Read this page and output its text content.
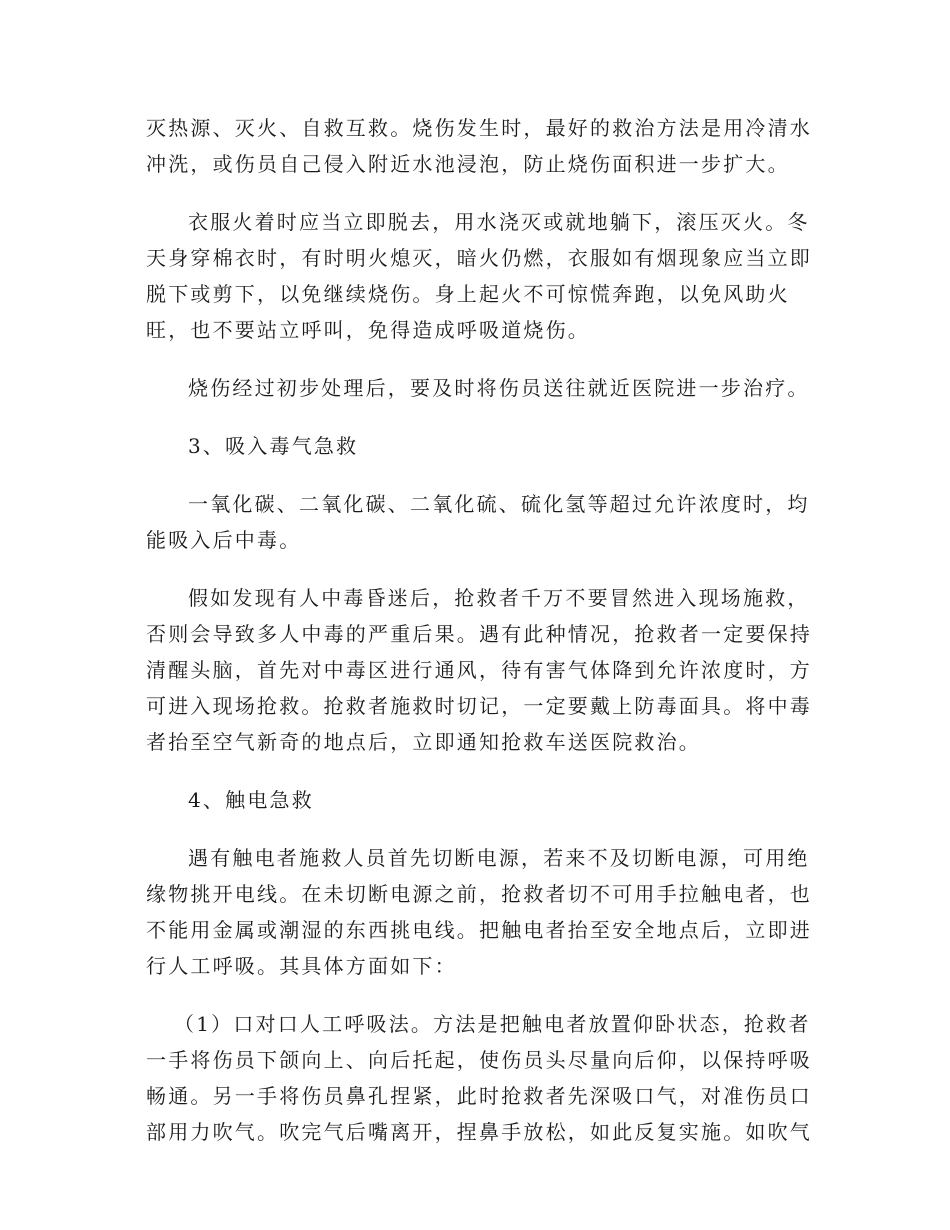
灭热源、灭火、自救互救。烧伤发生时，最好的救治方法是用冷清水
冲洗，或伤员自己侵入附近水池浸泡，防止烧伤面积进一步扩大。
衣服火着时应当立即脱去，用水浇灭或就地躺下，滚压灭火。冬
天身穿棉衣时，有时明火熄灭，暗火仍燃，衣服如有烟现象应当立即
脱下或剪下，以免继续烧伤。身上起火不可惊慌奔跑，以免风助火
旺，也不要站立呼叫，免得造成呼吸道烧伤。
烧伤经过初步处理后，要及时将伤员送往就近医院进一步治疗。
3、吸入毒气急救
一氧化碳、二氧化碳、二氧化硫、硫化氢等超过允许浓度时，均
能吸入后中毒。
假如发现有人中毒昏迷后，抢救者千万不要冒然进入现场施救，
否则会导致多人中毒的严重后果。遇有此种情况，抢救者一定要保持
清醒头脑，首先对中毒区进行通风，待有害气体降到允许浓度时，方
可进入现场抢救。抢救者施救时切记，一定要戴上防毒面具。将中毒
者抬至空气新奇的地点后，立即通知抢救车送医院救治。
4、触电急救
遇有触电者施救人员首先切断电源，若来不及切断电源，可用绝
缘物挑开电线。在未切断电源之前，抢救者切不可用手拉触电者，也
不能用金属或潮湿的东西挑电线。把触电者抬至安全地点后，立即进
行人工呼吸。其具体方面如下：
（1）口对口人工呼吸法。方法是把触电者放置仰卧状态，抢救者
一手将伤员下颌向上、向后托起，使伤员头尽量向后仰，以保持呼吸
畅通。另一手将伤员鼻孔捏紧，此时抢救者先深吸口气，对准伤员口
部用力吹气。吹完气后嘴离开，捏鼻手放松，如此反复实施。如吹气
